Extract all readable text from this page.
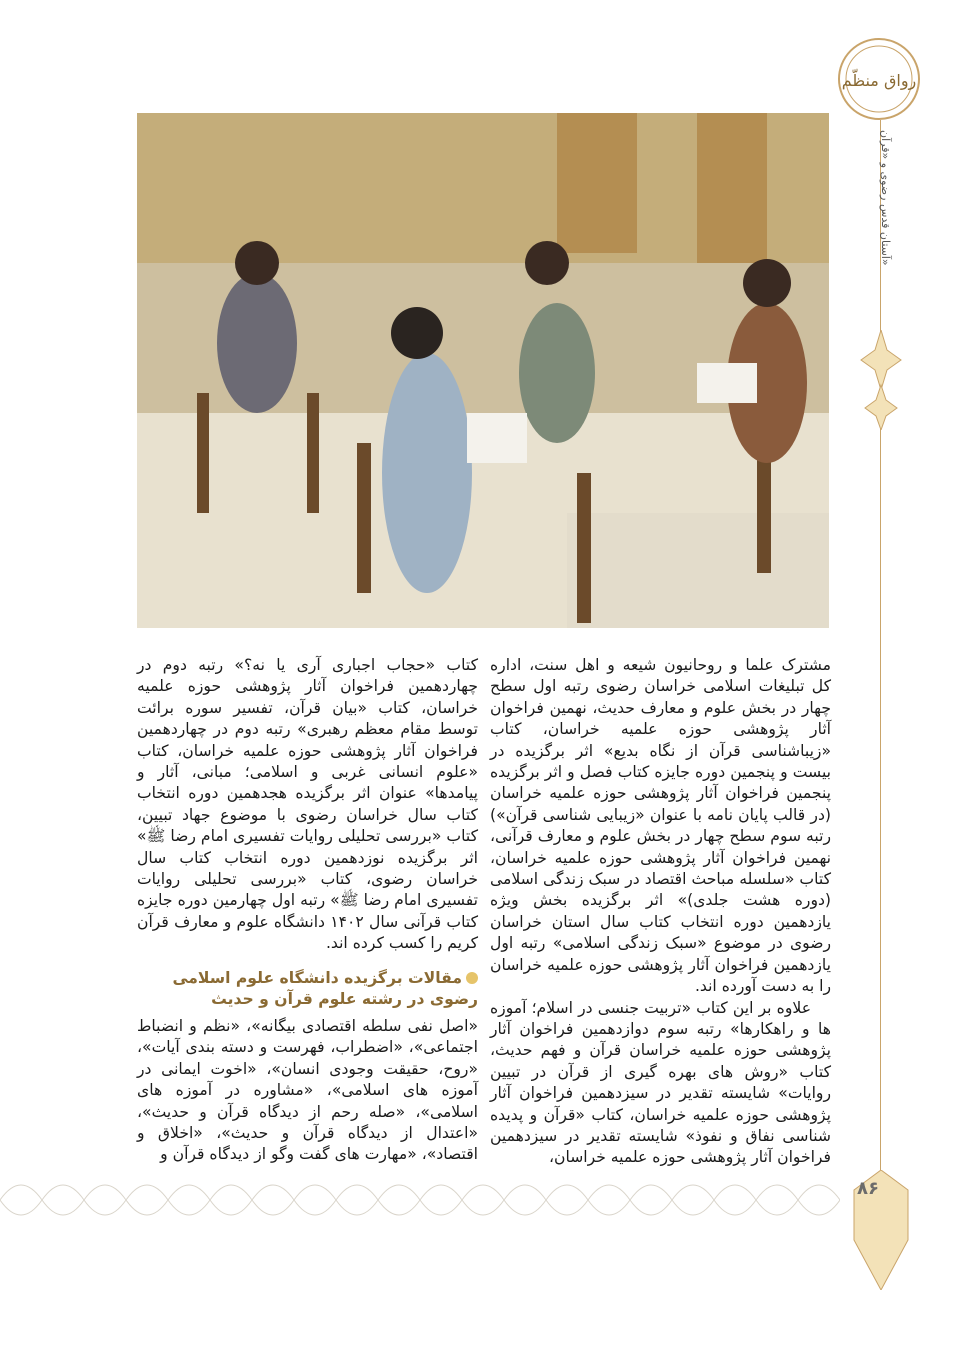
رواق منظّم
آستان قدس رضوی و «قرآن»

مشترک علما و روحانیون شیعه و اهل سنت، اداره کل تبلیغات اسلامی خراسان رضوی رتبه اول سطح چهار در بخش علوم و معارف حدیث، نهمین فراخوان آثار پژوهشی حوزه علمیه خراسان، کتاب «زیباشناسی قرآن از نگاه بدیع» اثر برگزیده در بیست و پنجمین دوره جایزه کتاب فصل و اثر برگزیده پنجمین فراخوان آثار پژوهشی حوزه علمیه خراسان (در قالب پایان نامه با عنوان «زیبایی شناسی قرآن») رتبه سوم سطح چهار در بخش علوم و معارف قرآنی، نهمین فراخوان آثار پژوهشی حوزه علمیه خراسان، کتاب «سلسله مباحث اقتصاد در سبک زندگی اسلامی (دوره هشت جلدی)» اثر برگزیده بخش ویژه یازدهمین دوره انتخاب کتاب سال استان خراسان رضوی در موضوع «سبک زندگی اسلامی» رتبه اول یازدهمین فراخوان آثار پژوهشی حوزه علمیه خراسان را به دست آورده اند.

علاوه بر این کتاب «تربیت جنسی در اسلام؛ آموزه ها و راهکارها» رتبه سوم دوازدهمین فراخوان آثار پژوهشی حوزه علمیه خراسان قرآن و فهم حدیث، کتاب «روش های بهره گیری از قرآن در تبیین روایات» شایسته تقدیر در سیزدهمین فراخوان آثار پژوهشی حوزه علمیه خراسان، کتاب «قرآن و پدیده شناسی نفاق و نفوذ» شایسته تقدیر در سیزدهمین فراخوان آثار پژوهشی حوزه علمیه خراسان،

کتاب «حجاب اجباری آری یا نه؟» رتبه دوم در چهاردهمین فراخوان آثار پژوهشی حوزه علمیه خراسان، کتاب «بیان قرآن، تفسیر سوره برائت توسط مقام معظم رهبری» رتبه دوم در چهاردهمین فراخوان آثار پژوهشی حوزه علمیه خراسان، کتاب «علوم انسانی غربی و اسلامی؛ مبانی، آثار و پیامدها» عنوان اثر برگزیده هجدهمین دوره انتخاب کتاب سال خراسان رضوی با موضوع جهاد تبیین، کتاب «بررسی تحلیلی روایات تفسیری امام رضا ﷺ» اثر برگزیده نوزدهمین دوره انتخاب کتاب سال خراسان رضوی، کتاب «بررسی تحلیلی روایات تفسیری امام رضا ﷺ» رتبه اول چهارمین دوره جایزه کتاب قرآنی سال ۱۴۰۲ دانشگاه علوم و معارف قرآن کریم را کسب کرده اند.

مقالات برگزیده دانشگاه علوم اسلامی رضوی در رشته علوم قرآن و حدیث

«اصل نفی سلطه اقتصادی بیگانه»، «نظم و انضباط اجتماعی»، «اضطراب، فهرست و دسته بندی آیات»، «روح، حقیقت وجودی انسان»، «اخوت ایمانی در آموزه های اسلامی»، «مشاوره در آموزه های اسلامی»، «صله رحم از دیدگاه قرآن و حدیث»، «اعتدال از دیدگاه قرآن و حدیث»، «اخلاق و اقتصاد»، «مهارت های گفت وگو از دیدگاه قرآن و

۸۶
